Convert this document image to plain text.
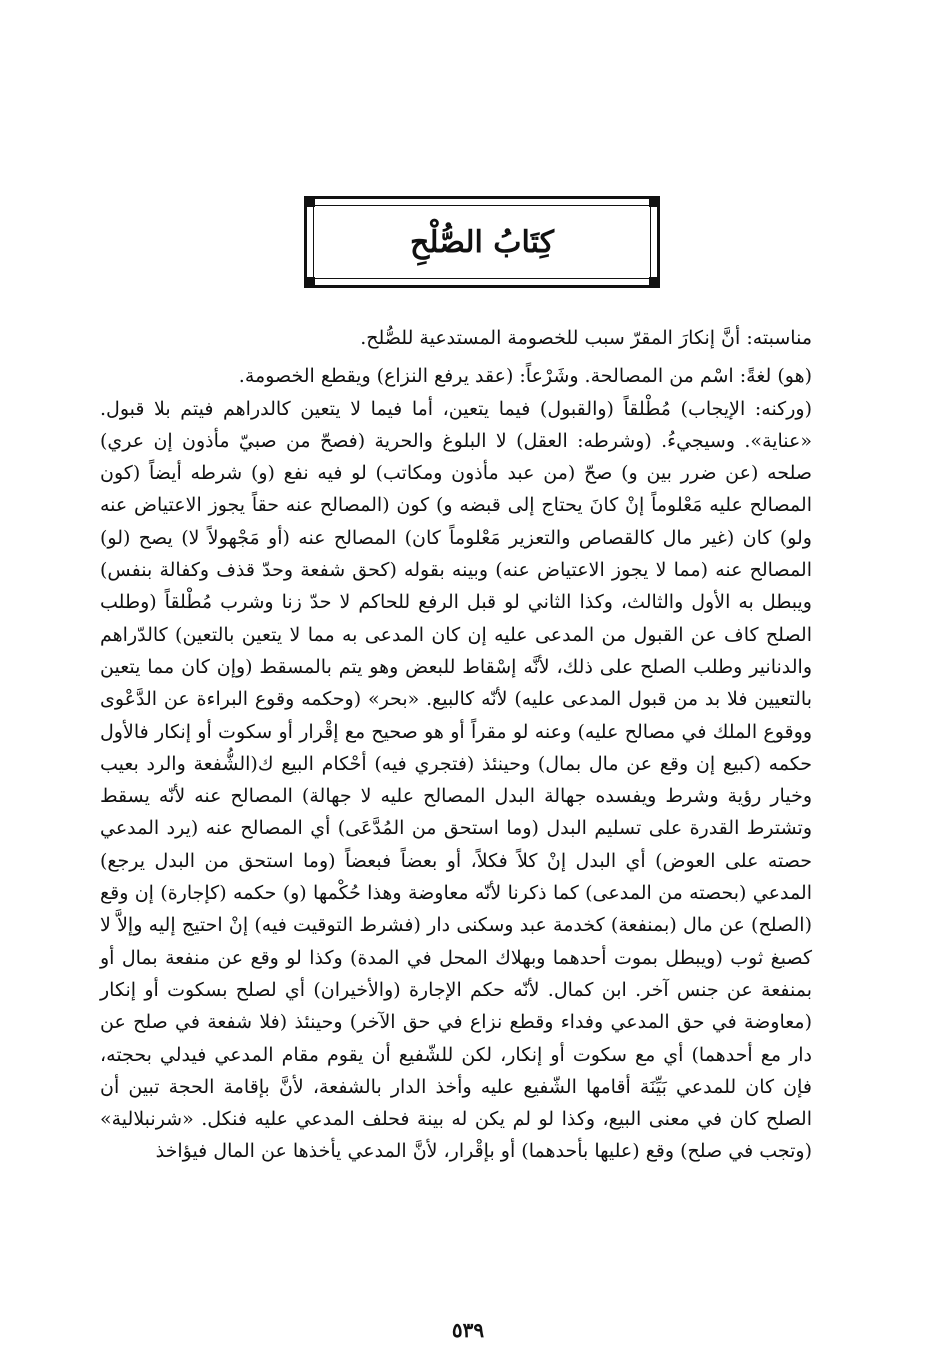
كِتَابُ الصُّلْحِ

مناسبته: أنَّ إنكارَ المقرّ سبب للخصومة المستدعية للصُّلح.

(هو) لغةً: اسْم من المصالحة. وشَرْعاً: (عقد يرفع النزاع) ويقطع الخصومة.

(وركنه: الإيجاب) مُطْلقاً (والقبول) فيما يتعين، أما فيما لا يتعين كالدراهم فيتم بلا قبول. «عناية». وسيجيءُ. (وشرطه: العقل) لا البلوغ والحرية (فصحّ من صبيّ مأذون إن عري) صلحه (عن ضرر بين و) صحّ (من عبد مأذون ومكاتب) لو فيه نفع (و) شرطه أيضاً (كون المصالح عليه مَعْلوماً إنْ كانَ يحتاج إلى قبضه و) كون (المصالح عنه حقاً يجوز الاعتياض عنه ولو) كان (غير مال كالقصاص والتعزير مَعْلوماً كان) المصالح عنه (أو مَجْهولاً لا) يصح (لو) المصالح عنه (مما لا يجوز الاعتياض عنه) وبينه بقوله (كحق شفعة وحدّ قذف وكفالة بنفس) ويبطل به الأول والثالث، وكذا الثاني لو قبل الرفع للحاكم لا حدّ زنا وشرب مُطْلقاً (وطلب الصلح كاف عن القبول من المدعى عليه إن كان المدعى به مما لا يتعين بالتعين) كالدّراهم والدنانير وطلب الصلح على ذلك، لأنَّه إسْقاط للبعض وهو يتم بالمسقط (وإن كان مما يتعين بالتعيين فلا بد من قبول المدعى عليه) لأنّه كالبيع. «بحر» (وحكمه وقوع البراءة عن الدَّعْوى ووقوع الملك في مصالح عليه) وعنه لو مقراً أو هو صحيح مع إقْرار أو سكوت أو إنكار فالأول حكمه (كبيع إن وقع عن مال بمال) وحينئذ (فتجري فيه) أحْكام البيع ك(الشُّفعة والرد بعيب وخيار رؤية وشرط ويفسده جهالة البدل المصالح عليه لا جهالة) المصالح عنه لأنّه يسقط وتشترط القدرة على تسليم البدل (وما استحق من المُدَّعَى) أي المصالح عنه (يرد المدعي حصته على العوض) أي البدل إنْ كلاً فكلاً، أو بعضاً فبعضاً (وما استحق من البدل يرجع) المدعي (بحصته من المدعى) كما ذكرنا لأنّه معاوضة وهذا حُكْمها (و) حكمه (كإجارة) إن وقع (الصلح) عن مال (بمنفعة) كخدمة عبد وسكنى دار (فشرط التوقيت فيه) إنْ احتيج إليه وإلاَّ لا كصبغ ثوب (ويبطل بموت أحدهما وبهلاك المحل في المدة) وكذا لو وقع عن منفعة بمال أو بمنفعة عن جنس آخر. ابن كمال. لأنّه حكم الإجارة (والأخيران) أي لصلح بسكوت أو إنكار (معاوضة في حق المدعي وفداء وقطع نزاع في حق الآخر) وحينئذ (فلا شفعة في صلح عن دار مع أحدهما) أي مع سكوت أو إنكار، لكن للشّفيع أن يقوم مقام المدعي فيدلي بحجته، فإن كان للمدعي بَيِّنَة أقامها الشّفيع عليه وأخذ الدار بالشفعة، لأنَّ بإقامة الحجة تبين أن الصلح كان في معنى البيع، وكذا لو لم يكن له بينة فحلف المدعي عليه فنكل. «شرنبلالية» (وتجب في صلح) وقع (عليها بأحدهما) أو بإقْرار، لأنَّ المدعي يأخذها عن المال فيؤاخذ

٥٣٩
